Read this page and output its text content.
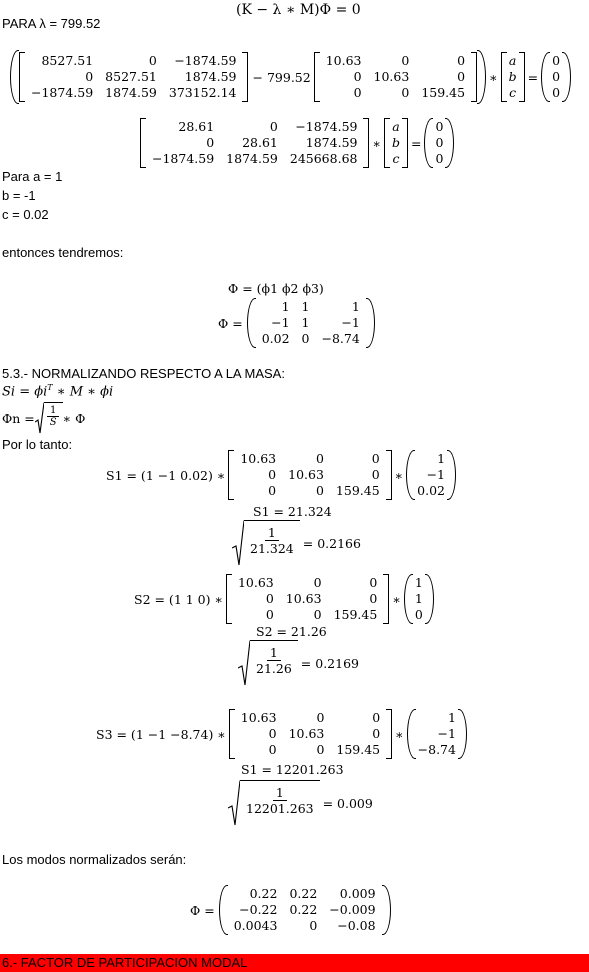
(K − λ ∗ M)Φ = 0
PARA λ = 799.52
8527.51	0	−1874.59
0	8527.51	1874.59
−1874.59	1874.59	373152.14
− 799.52
10.63	0	0
0	10.63	0
0	0	159.45
∗
a
b
c
=
0
0
0
28.61	0	−1874.59
0	28.61	1874.59
−1874.59	1874.59	245668.68
∗
a
b
c
=
0
0
0
Para a = 1
b = -1
c = 0.02
entonces tendremos:
Φ = (ϕ1 ϕ2 ϕ3)
Φ =
1	1	1
−1	1	−1
0.02	0	−8.74
5.3.- NORMALIZANDO RESPECTO A LA MASA:
$Si = \phi i^T$ ∗ M ∗ ϕi
$\Phi n = \frac{1}{S}$ ∗ Φ
Por lo tanto:
S1 = (1 −1 0.02) ∗
10.63	0	0
0	10.63	0
0	0	159.45
∗
1
−1
0.02
S1 = 21.324
$\frac{1}{21.324} = 0.2166$
S2 = (1 1 0) ∗
10.63	0	0
0	10.63	0
0	0	159.45
∗
1
1
0
S2 = 21.26
$\frac{1}{21.26} = 0.2169$
S3 = (1 −1 −8.74) ∗
10.63	0	0
0	10.63	0
0	0	159.45
∗
1
−1
−8.74
S1 = 12201.263
$\frac{1}{12201.263} = 0.009$
Los modos normalizados serán:
Φ =
0.22	0.22	0.009
−0.22	0.22	−0.009
0.0043	0	−0.08
6.- FACTOR DE PARTICIPACION MODAL
